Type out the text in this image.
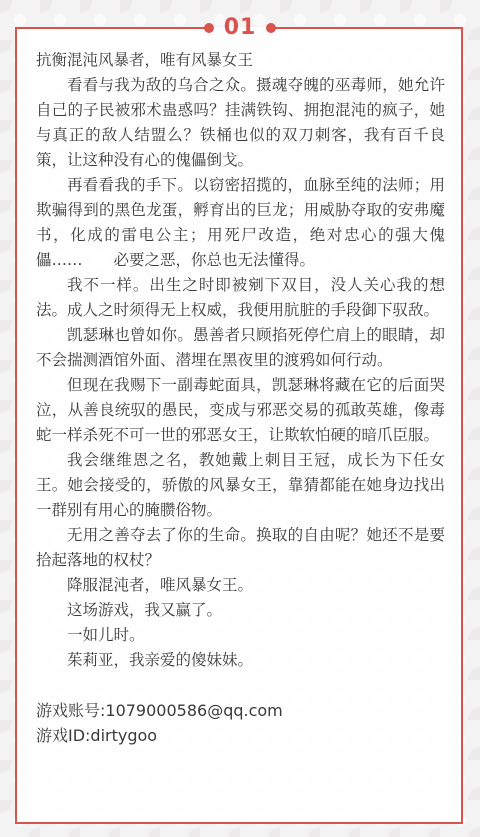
01

抗衡混沌风暴者，唯有风暴女王

看看与我为敌的乌合之众。摄魂夺魄的巫毒师，她允许自己的子民被邪术蛊惑吗？挂满铁钩、拥抱混沌的疯子，她与真正的敌人结盟么？铁桶也似的双刀刺客，我有百千良策，让这种没有心的傀儡倒戈。

再看看我的手下。以窃密招揽的，血脉至纯的法师；用欺骗得到的黑色龙蛋，孵育出的巨龙；用威胁夺取的安弗魔书，化成的雷电公主；用死尸改造，绝对忠心的强大傀儡……　　必要之恶，你总也无法懂得。

我不一样。出生之时即被剜下双目，没人关心我的想法。成人之时须得无上权威，我便用肮脏的手段御下驭敌。

凯瑟琳也曾如你。愚善者只顾掐死停伫肩上的眼睛，却不会揣测酒馆外面、潜埋在黑夜里的渡鸦如何行动。

但现在我赐下一副毒蛇面具，凯瑟琳将藏在它的后面哭泣，从善良统驭的愚民，变成与邪恶交易的孤敢英雄，像毒蛇一样杀死不可一世的邪恶女王，让欺软怕硬的暗爪臣服。

我会继维恩之名，教她戴上刺目王冠，成长为下任女王。她会接受的，骄傲的风暴女王，靠猜都能在她身边找出一群别有用心的腌臜俗物。

无用之善夺去了你的生命。换取的自由呢？她还不是要拾起落地的权杖？

降服混沌者，唯风暴女王。

这场游戏，我又赢了。

一如儿时。

茱莉亚，我亲爱的傻妹妹。

游戏账号:1079000586@qq.com

游戏ID:dirtygoo
